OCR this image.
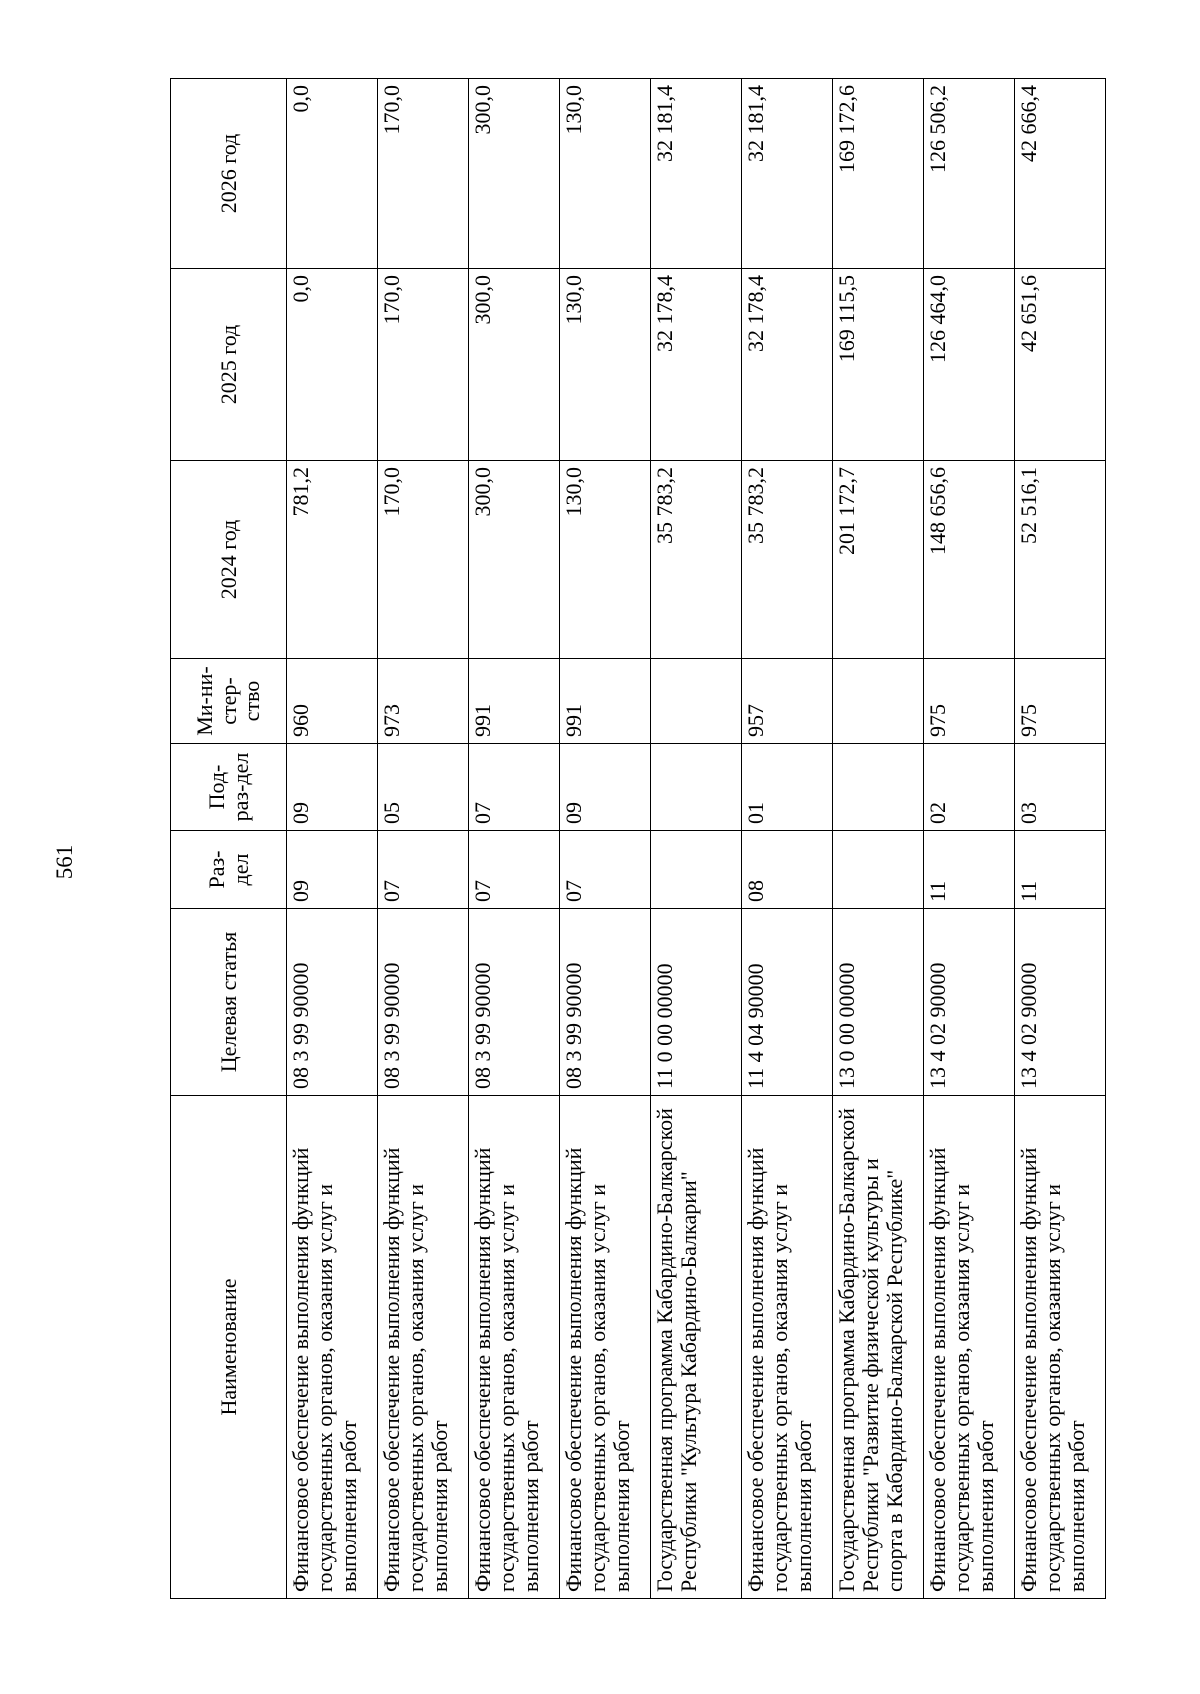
561
Наименование	Целевая статья	Раз-дел	Под-раз-дел	Ми-ни-стер-ство	2024 год	2025 год	2026 год
Финансовое обеспечение выполнения функций государственных органов, оказания услуг и выполнения работ	08 3 99 90000	09	09	960	781,2	0,0	0,0
Финансовое обеспечение выполнения функций государственных органов, оказания услуг и выполнения работ	08 3 99 90000	07	05	973	170,0	170,0	170,0
Финансовое обеспечение выполнения функций государственных органов, оказания услуг и выполнения работ	08 3 99 90000	07	07	991	300,0	300,0	300,0
Финансовое обеспечение выполнения функций государственных органов, оказания услуг и выполнения работ	08 3 99 90000	07	09	991	130,0	130,0	130,0
Государственная программа Кабардино-Балкарской Республики "Культура Кабардино-Балкарии"	11 0 00 00000				35 783,2	32 178,4	32 181,4
Финансовое обеспечение выполнения функций государственных органов, оказания услуг и выполнения работ	11 4 04 90000	08	01	957	35 783,2	32 178,4	32 181,4
Государственная программа Кабардино-Балкарской Республики "Развитие физической культуры и спорта в Кабардино-Балкарской Республике"	13 0 00 00000				201 172,7	169 115,5	169 172,6
Финансовое обеспечение выполнения функций государственных органов, оказания услуг и выполнения работ	13 4 02 90000	11	02	975	148 656,6	126 464,0	126 506,2
Финансовое обеспечение выполнения функций государственных органов, оказания услуг и выполнения работ	13 4 02 90000	11	03	975	52 516,1	42 651,6	42 666,4
